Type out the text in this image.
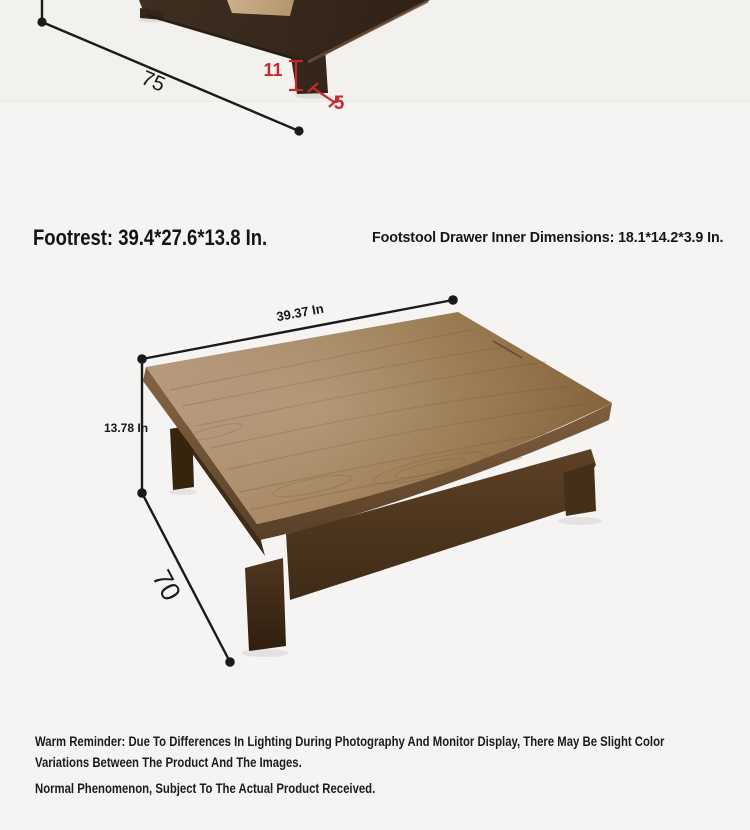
75	11
5
Footrest: 39.4*27.6*13.8 In.	Footstool Drawer Inner Dimensions: 18.1*14.2*3.9 In.
39.37 In
13.78 In
70
Warm Reminder: Due To Differences In Lighting During Photography And Monitor Display, There May Be Slight Color
Variations Between The Product And The Images.
Normal Phenomenon, Subject To The Actual Product Received.
